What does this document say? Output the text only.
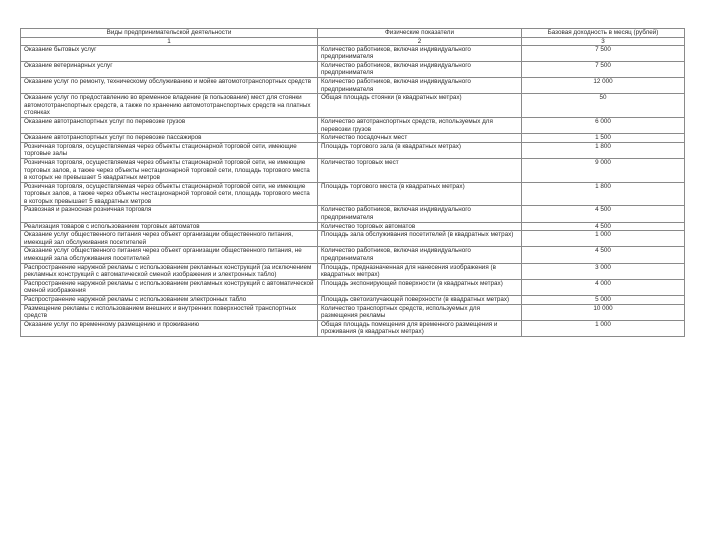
Виды предпринимательской деятельности	Физические показатели	Базовая доходность в месяц (рублей)
1	2	3
Оказание бытовых услуг	Количество работников, включая индивидуального предпринимателя	7 500
Оказание ветеринарных услуг	Количество работников, включая индивидуального предпринимателя	7 500
Оказание услуг по ремонту, техническому обслуживанию и мойке автомототранспортных средств	Количество работников, включая индивидуального предпринимателя	12 000
Оказание услуг по предоставлению во временное владение (в пользование) мест для стоянки автомототранспортных средств, а также по хранению автомототранспортных средств на платных стоянках	Общая площадь стоянки (в квадратных метрах)	50
Оказание автотранспортных услуг по перевозке грузов	Количество автотранспортных средств, используемых для перевозки грузов	6 000
Оказание автотранспортных услуг по перевозке пассажиров	Количество посадочных мест	1 500
Розничная торговля, осуществляемая через объекты стационарной торговой сети, имеющие торговые залы	Площадь торгового зала (в квадратных метрах)	1 800
Розничная торговля, осуществляемая через объекты стационарной торговой сети, не имеющие торговых залов, а также через объекты нестационарной торговой сети, площадь торгового места в которых не превышает 5 квадратных метров	Количество торговых мест	9 000
Розничная торговля, осуществляемая через объекты стационарной торговой сети, не имеющие торговых залов, а также через объекты нестационарной торговой сети, площадь торгового места в которых превышает 5 квадратных метров	Площадь торгового места (в квадратных метрах)	1 800
Развозная и разносная розничная торговля	Количество работников, включая индивидуального предпринимателя	4 500
Реализация товаров с использованием торговых автоматов	Количество торговых автоматов	4 500
Оказание услуг общественного питания через объект организации общественного питания, имеющий зал обслуживания посетителей	Площадь зала обслуживания посетителей (в квадратных метрах)	1 000
Оказание услуг общественного питания через объект организации общественного питания, не имеющий зала обслуживания посетителей	Количество работников, включая индивидуального предпринимателя	4 500
Распространение наружной рекламы с использованием рекламных конструкций (за исключением рекламных конструкций с автоматической сменой изображения и электронных табло)	Площадь, предназначенная для нанесения изображения (в квадратных метрах)	3 000
Распространение наружной рекламы с использованием рекламных конструкций с автоматической сменой изображения	Площадь экспонирующей поверхности (в квадратных метрах)	4 000
Распространение наружной рекламы с использованием электронных табло	Площадь светоизлучающей поверхности (в квадратных метрах)	5 000
Размещение рекламы с использованием внешних и внутренних поверхностей транспортных средств	Количество транспортных средств, используемых для размещения рекламы	10 000
Оказание услуг по временному размещению и проживанию	Общая площадь помещения для временного размещения и проживания (в квадратных метрах)	1 000
